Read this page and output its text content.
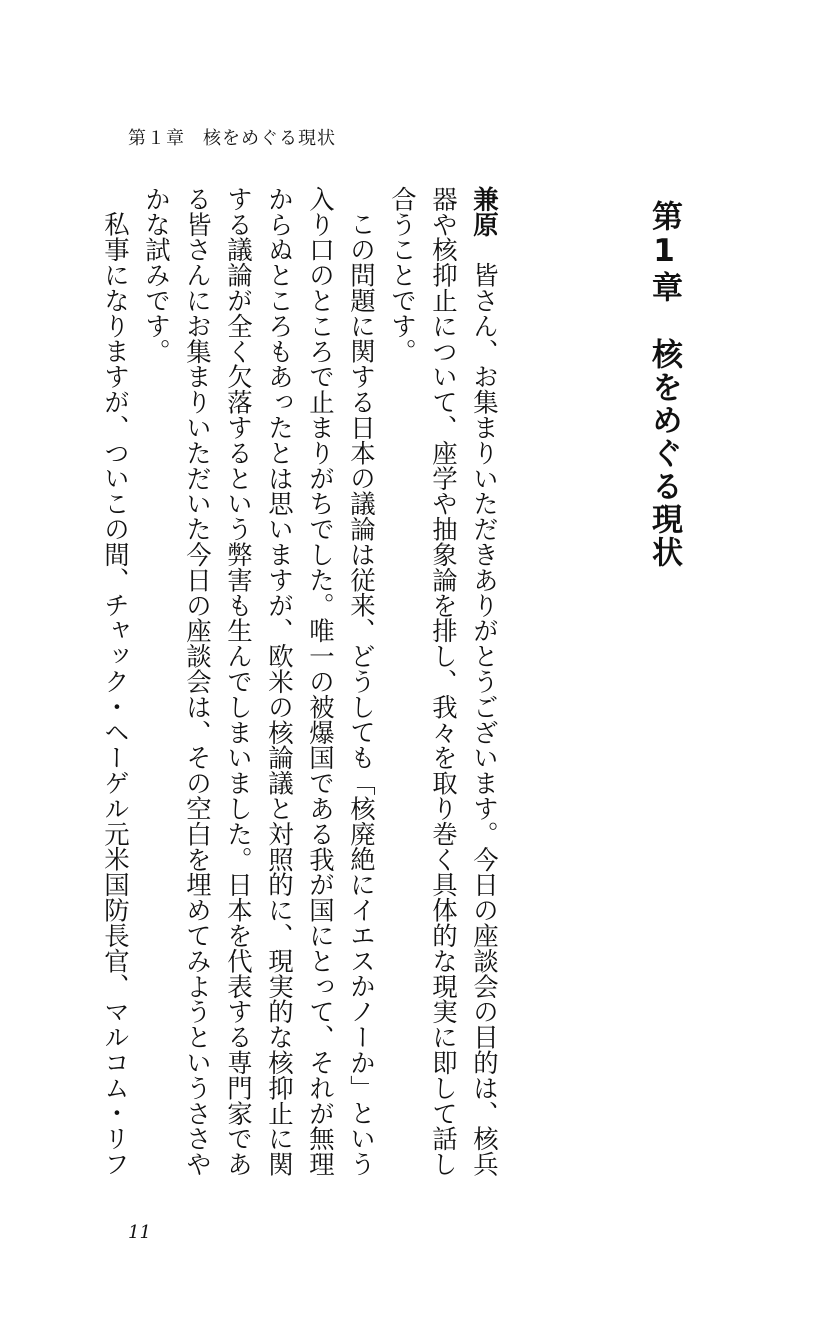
第１章 核をめぐる現状
第1章核をめぐる現状

兼原皆さん、お集まりいただきありがとうございます。今日の座談会の目的は、核兵器や核抑止について、座学や抽象論を排し、我々を取り巻く具体的な現実に即して話し合うことです。

この問題に関する日本の議論は従来、どうしても「核廃絶にイエスかノーか」という入り口のところで止まりがちでした。唯一の被爆国である我が国にとって、それが無理からぬところもあったとは思いますが、欧米の核論議と対照的に、現実的な核抑止に関する議論が全く欠落するという弊害も生んでしまいました。日本を代表する専門家である皆さんにお集まりいただいた今日の座談会は、その空白を埋めてみようというささやかな試みです。

私事になりますが、ついこの間、チャック・ヘーゲル元米国防長官、マルコム・リフ

11
